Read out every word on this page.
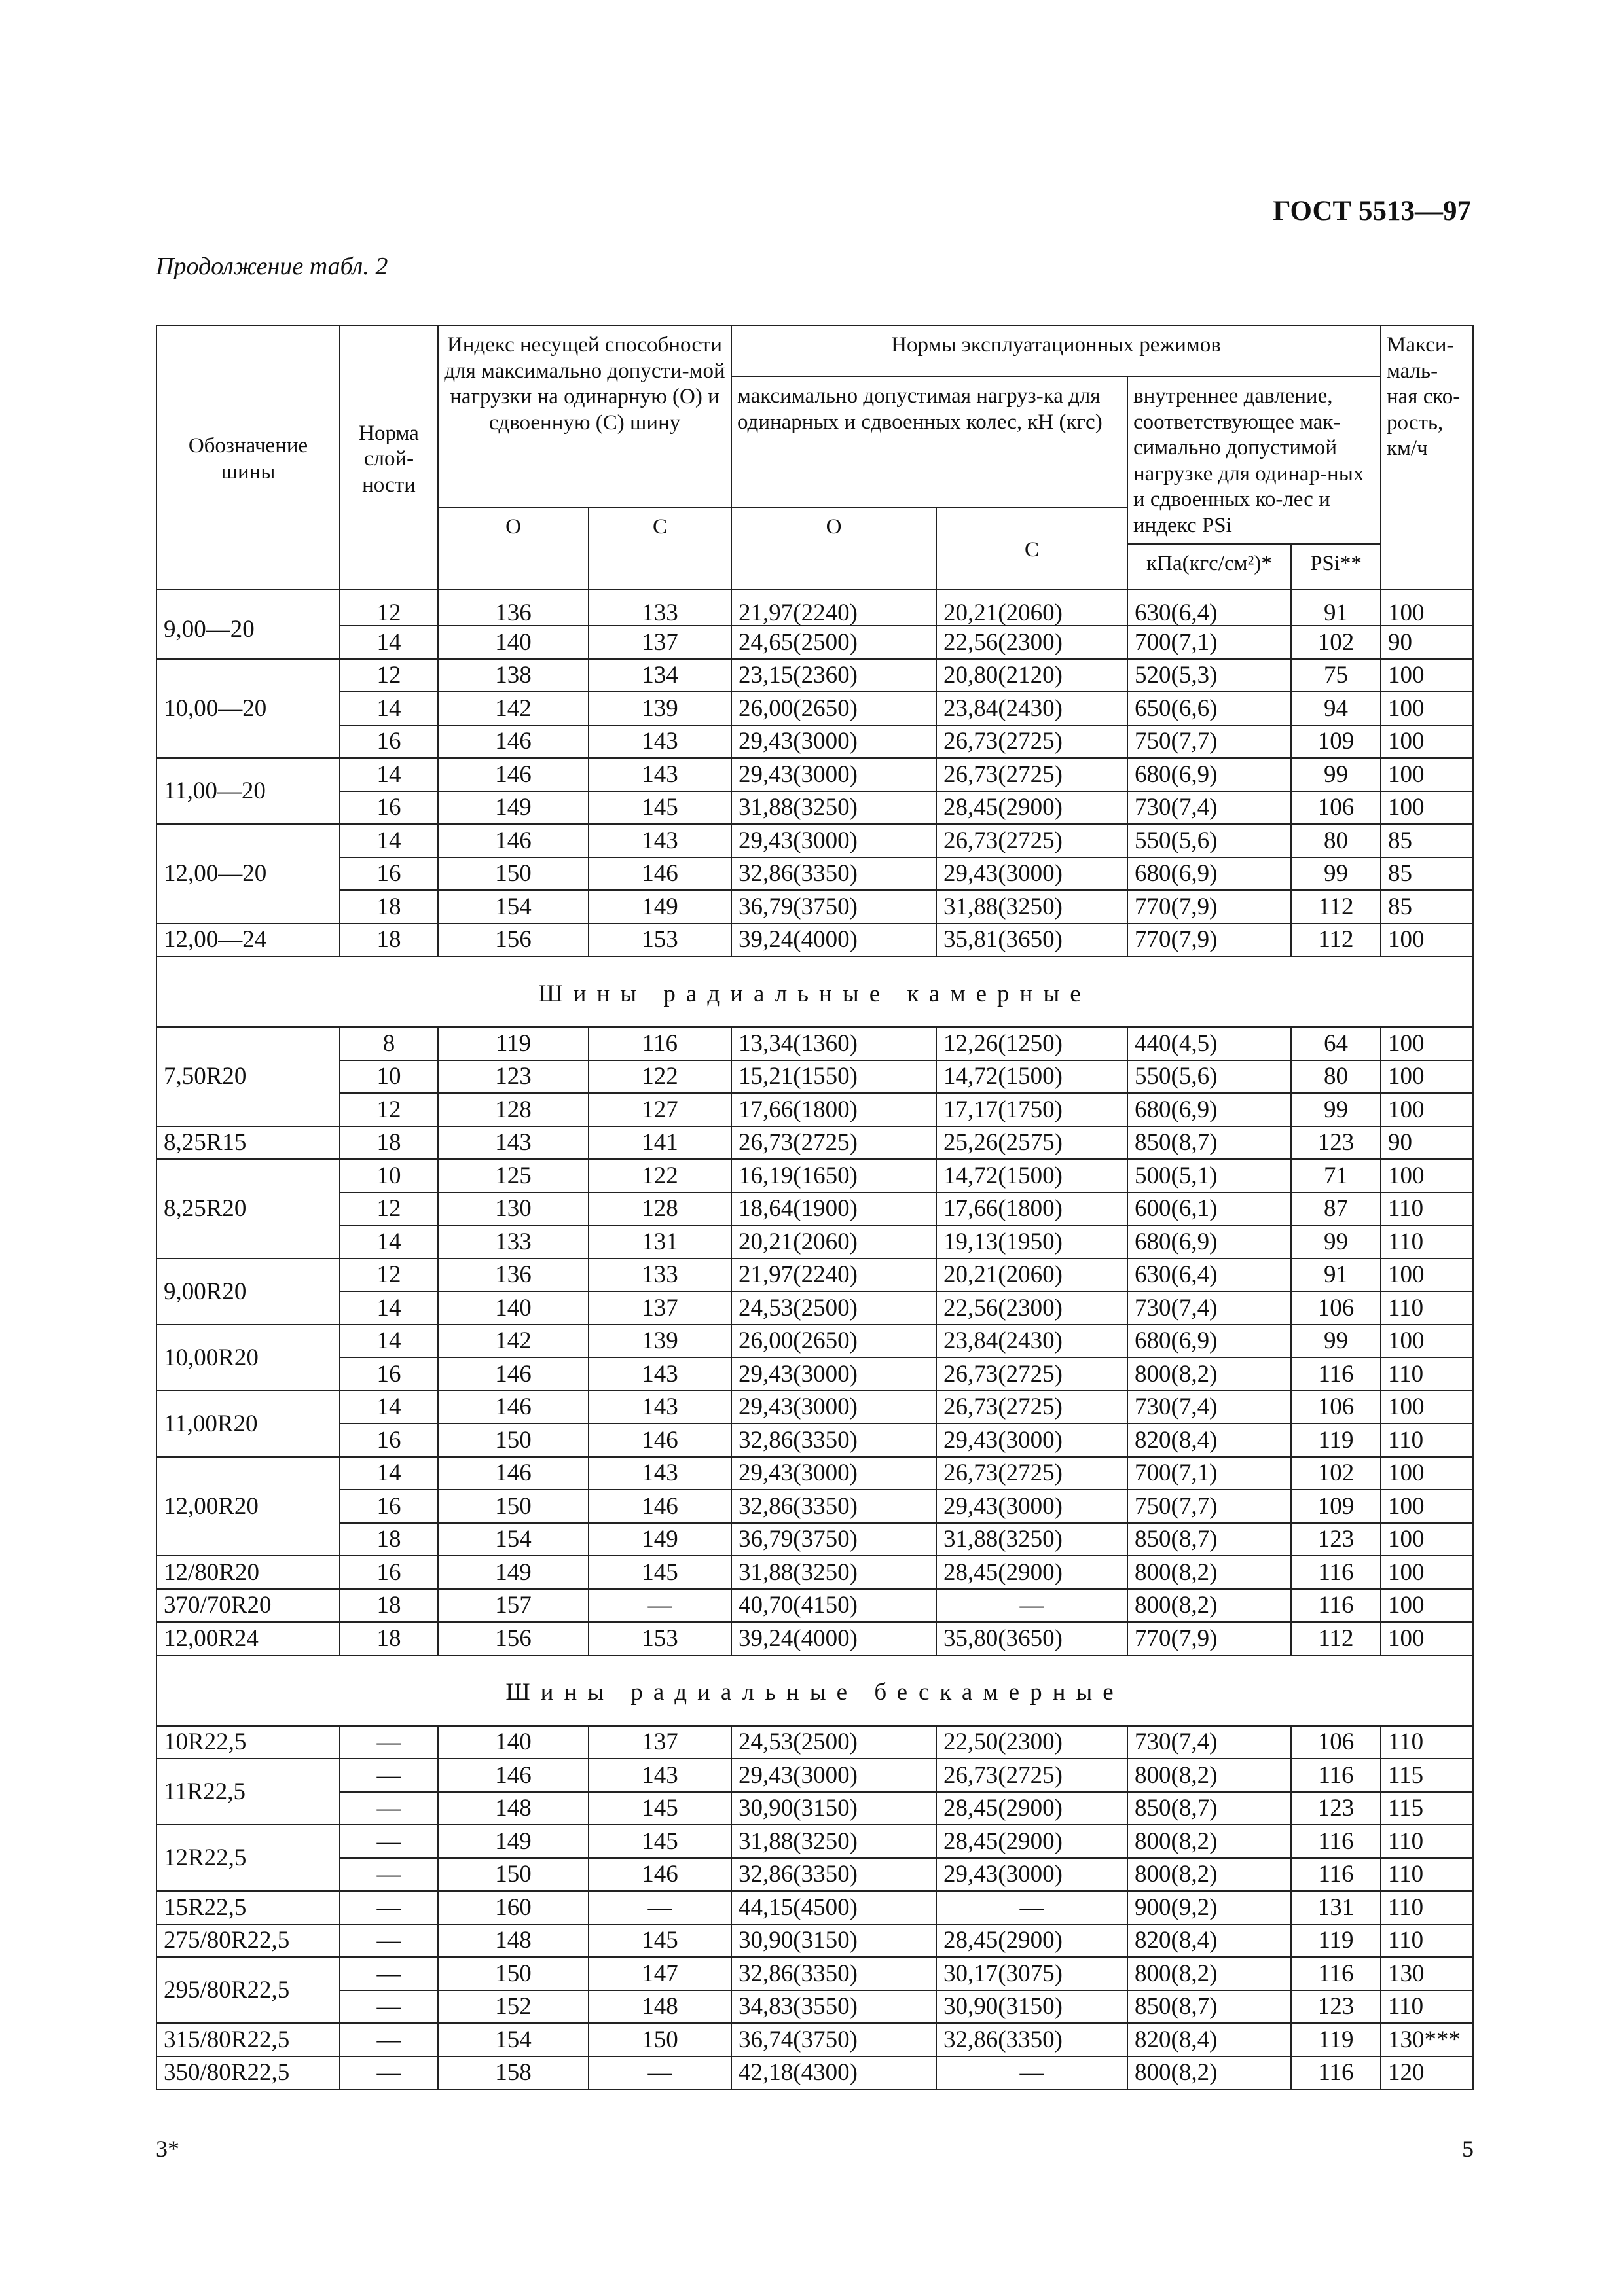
ГОСТ 5513—97
Продолжение табл. 2
Обозначение шины	Норма слой-ности	Индекс несущей способности для максимально допусти-мой нагрузки на одинарную (О) и сдвоенную (С) шину		Нормы эксплуатационных режимов				Макси-маль-ная ско-рость, км/ч
				максимально допустимая нагруз-ка для одинарных и сдвоенных колес, кН (кгс)		внутреннее давление, соответствующее мак-симально допустимой нагрузке для одинар-ных и сдвоенных ко-лес и индекс PSi		
		О	С	О	С			
						кПа(кгс/см²)*	PSi**	
9,00—20	12	136	133	21,97(2240)	20,21(2060)	630(6,4)	91	100
	14	140	137	24,65(2500)	22,56(2300)	700(7,1)	102	90
10,00—20	12	138	134	23,15(2360)	20,80(2120)	520(5,3)	75	100
	14	142	139	26,00(2650)	23,84(2430)	650(6,6)	94	100
	16	146	143	29,43(3000)	26,73(2725)	750(7,7)	109	100
11,00—20	14	146	143	29,43(3000)	26,73(2725)	680(6,9)	99	100
	16	149	145	31,88(3250)	28,45(2900)	730(7,4)	106	100
12,00—20	14	146	143	29,43(3000)	26,73(2725)	550(5,6)	80	85
	16	150	146	32,86(3350)	29,43(3000)	680(6,9)	99	85
	18	154	149	36,79(3750)	31,88(3250)	770(7,9)	112	85
12,00—24	18	156	153	39,24(4000)	35,81(3650)	770(7,9)	112	100
Шины радиальные камерные								
7,50R20	8	119	116	13,34(1360)	12,26(1250)	440(4,5)	64	100
	10	123	122	15,21(1550)	14,72(1500)	550(5,6)	80	100
	12	128	127	17,66(1800)	17,17(1750)	680(6,9)	99	100
8,25R15	18	143	141	26,73(2725)	25,26(2575)	850(8,7)	123	90
8,25R20	10	125	122	16,19(1650)	14,72(1500)	500(5,1)	71	100
	12	130	128	18,64(1900)	17,66(1800)	600(6,1)	87	110
	14	133	131	20,21(2060)	19,13(1950)	680(6,9)	99	110
9,00R20	12	136	133	21,97(2240)	20,21(2060)	630(6,4)	91	100
	14	140	137	24,53(2500)	22,56(2300)	730(7,4)	106	110
10,00R20	14	142	139	26,00(2650)	23,84(2430)	680(6,9)	99	100
	16	146	143	29,43(3000)	26,73(2725)	800(8,2)	116	110
11,00R20	14	146	143	29,43(3000)	26,73(2725)	730(7,4)	106	100
	16	150	146	32,86(3350)	29,43(3000)	820(8,4)	119	110
12,00R20	14	146	143	29,43(3000)	26,73(2725)	700(7,1)	102	100
	16	150	146	32,86(3350)	29,43(3000)	750(7,7)	109	100
	18	154	149	36,79(3750)	31,88(3250)	850(8,7)	123	100
12/80R20	16	149	145	31,88(3250)	28,45(2900)	800(8,2)	116	100
370/70R20	18	157	—	40,70(4150)	—	800(8,2)	116	100
12,00R24	18	156	153	39,24(4000)	35,80(3650)	770(7,9)	112	100
Шины радиальные бескамерные								
10R22,5	—	140	137	24,53(2500)	22,50(2300)	730(7,4)	106	110
11R22,5	—	146	143	29,43(3000)	26,73(2725)	800(8,2)	116	115
	—	148	145	30,90(3150)	28,45(2900)	850(8,7)	123	115
12R22,5	—	149	145	31,88(3250)	28,45(2900)	800(8,2)	116	110
	—	150	146	32,86(3350)	29,43(3000)	800(8,2)	116	110
15R22,5	—	160	—	44,15(4500)	—	900(9,2)	131	110
275/80R22,5	—	148	145	30,90(3150)	28,45(2900)	820(8,4)	119	110
295/80R22,5	—	150	147	32,86(3350)	30,17(3075)	800(8,2)	116	130
	—	152	148	34,83(3550)	30,90(3150)	850(8,7)	123	110
315/80R22,5	—	154	150	36,74(3750)	32,86(3350)	820(8,4)	119	130***
350/80R22,5	—	158	—	42,18(4300)	—	800(8,2)	116	120
3*	5
